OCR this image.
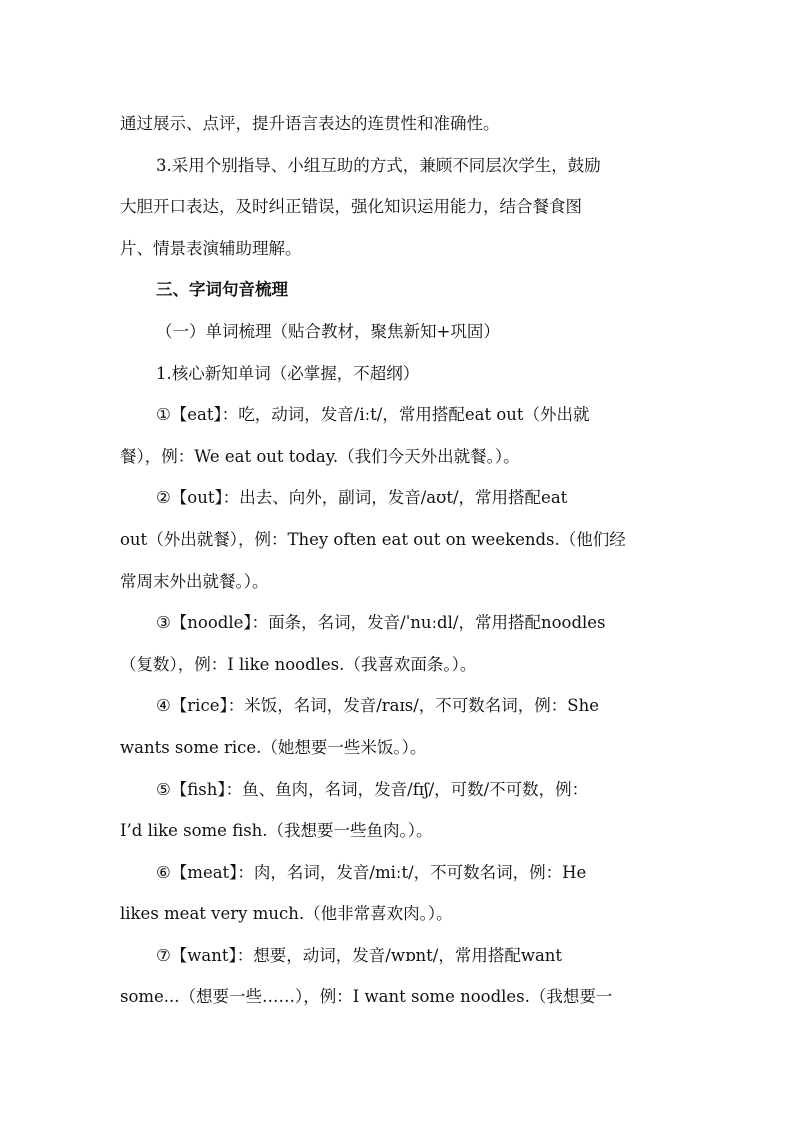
通过展示、点评，提升语言表达的连贯性和准确性。
3.采用个别指导、小组互助的方式，兼顾不同层次学生，鼓励
大胆开口表达，及时纠正错误，强化知识运用能力，结合餐食图
片、情景表演辅助理解。
三、字词句音梳理
（一）单词梳理（贴合教材，聚焦新知+巩固）
1.核心新知单词（必掌握，不超纲）
①【eat】：吃，动词，发音/iːt/，常用搭配eat out（外出就
餐），例：We eat out today.（我们今天外出就餐。）。
②【out】：出去、向外，副词，发音/aʊt/，常用搭配eat
out（外出就餐），例：They often eat out on weekends.（他们经
常周末外出就餐。）。
③【noodle】：面条，名词，发音/ˈnuːdl/，常用搭配noodles
（复数），例：I like noodles.（我喜欢面条。）。
④【rice】：米饭，名词，发音/raɪs/，不可数名词，例：She
wants some rice.（她想要一些米饭。）。
⑤【fish】：鱼、鱼肉，名词，发音/fɪʃ/，可数/不可数，例：
I’d like some fish.（我想要一些鱼肉。）。
⑥【meat】：肉，名词，发音/miːt/，不可数名词，例：He
likes meat very much.（他非常喜欢肉。）。
⑦【want】：想要，动词，发音/wɒnt/，常用搭配want
some...（想要一些……），例：I want some noodles.（我想要一
